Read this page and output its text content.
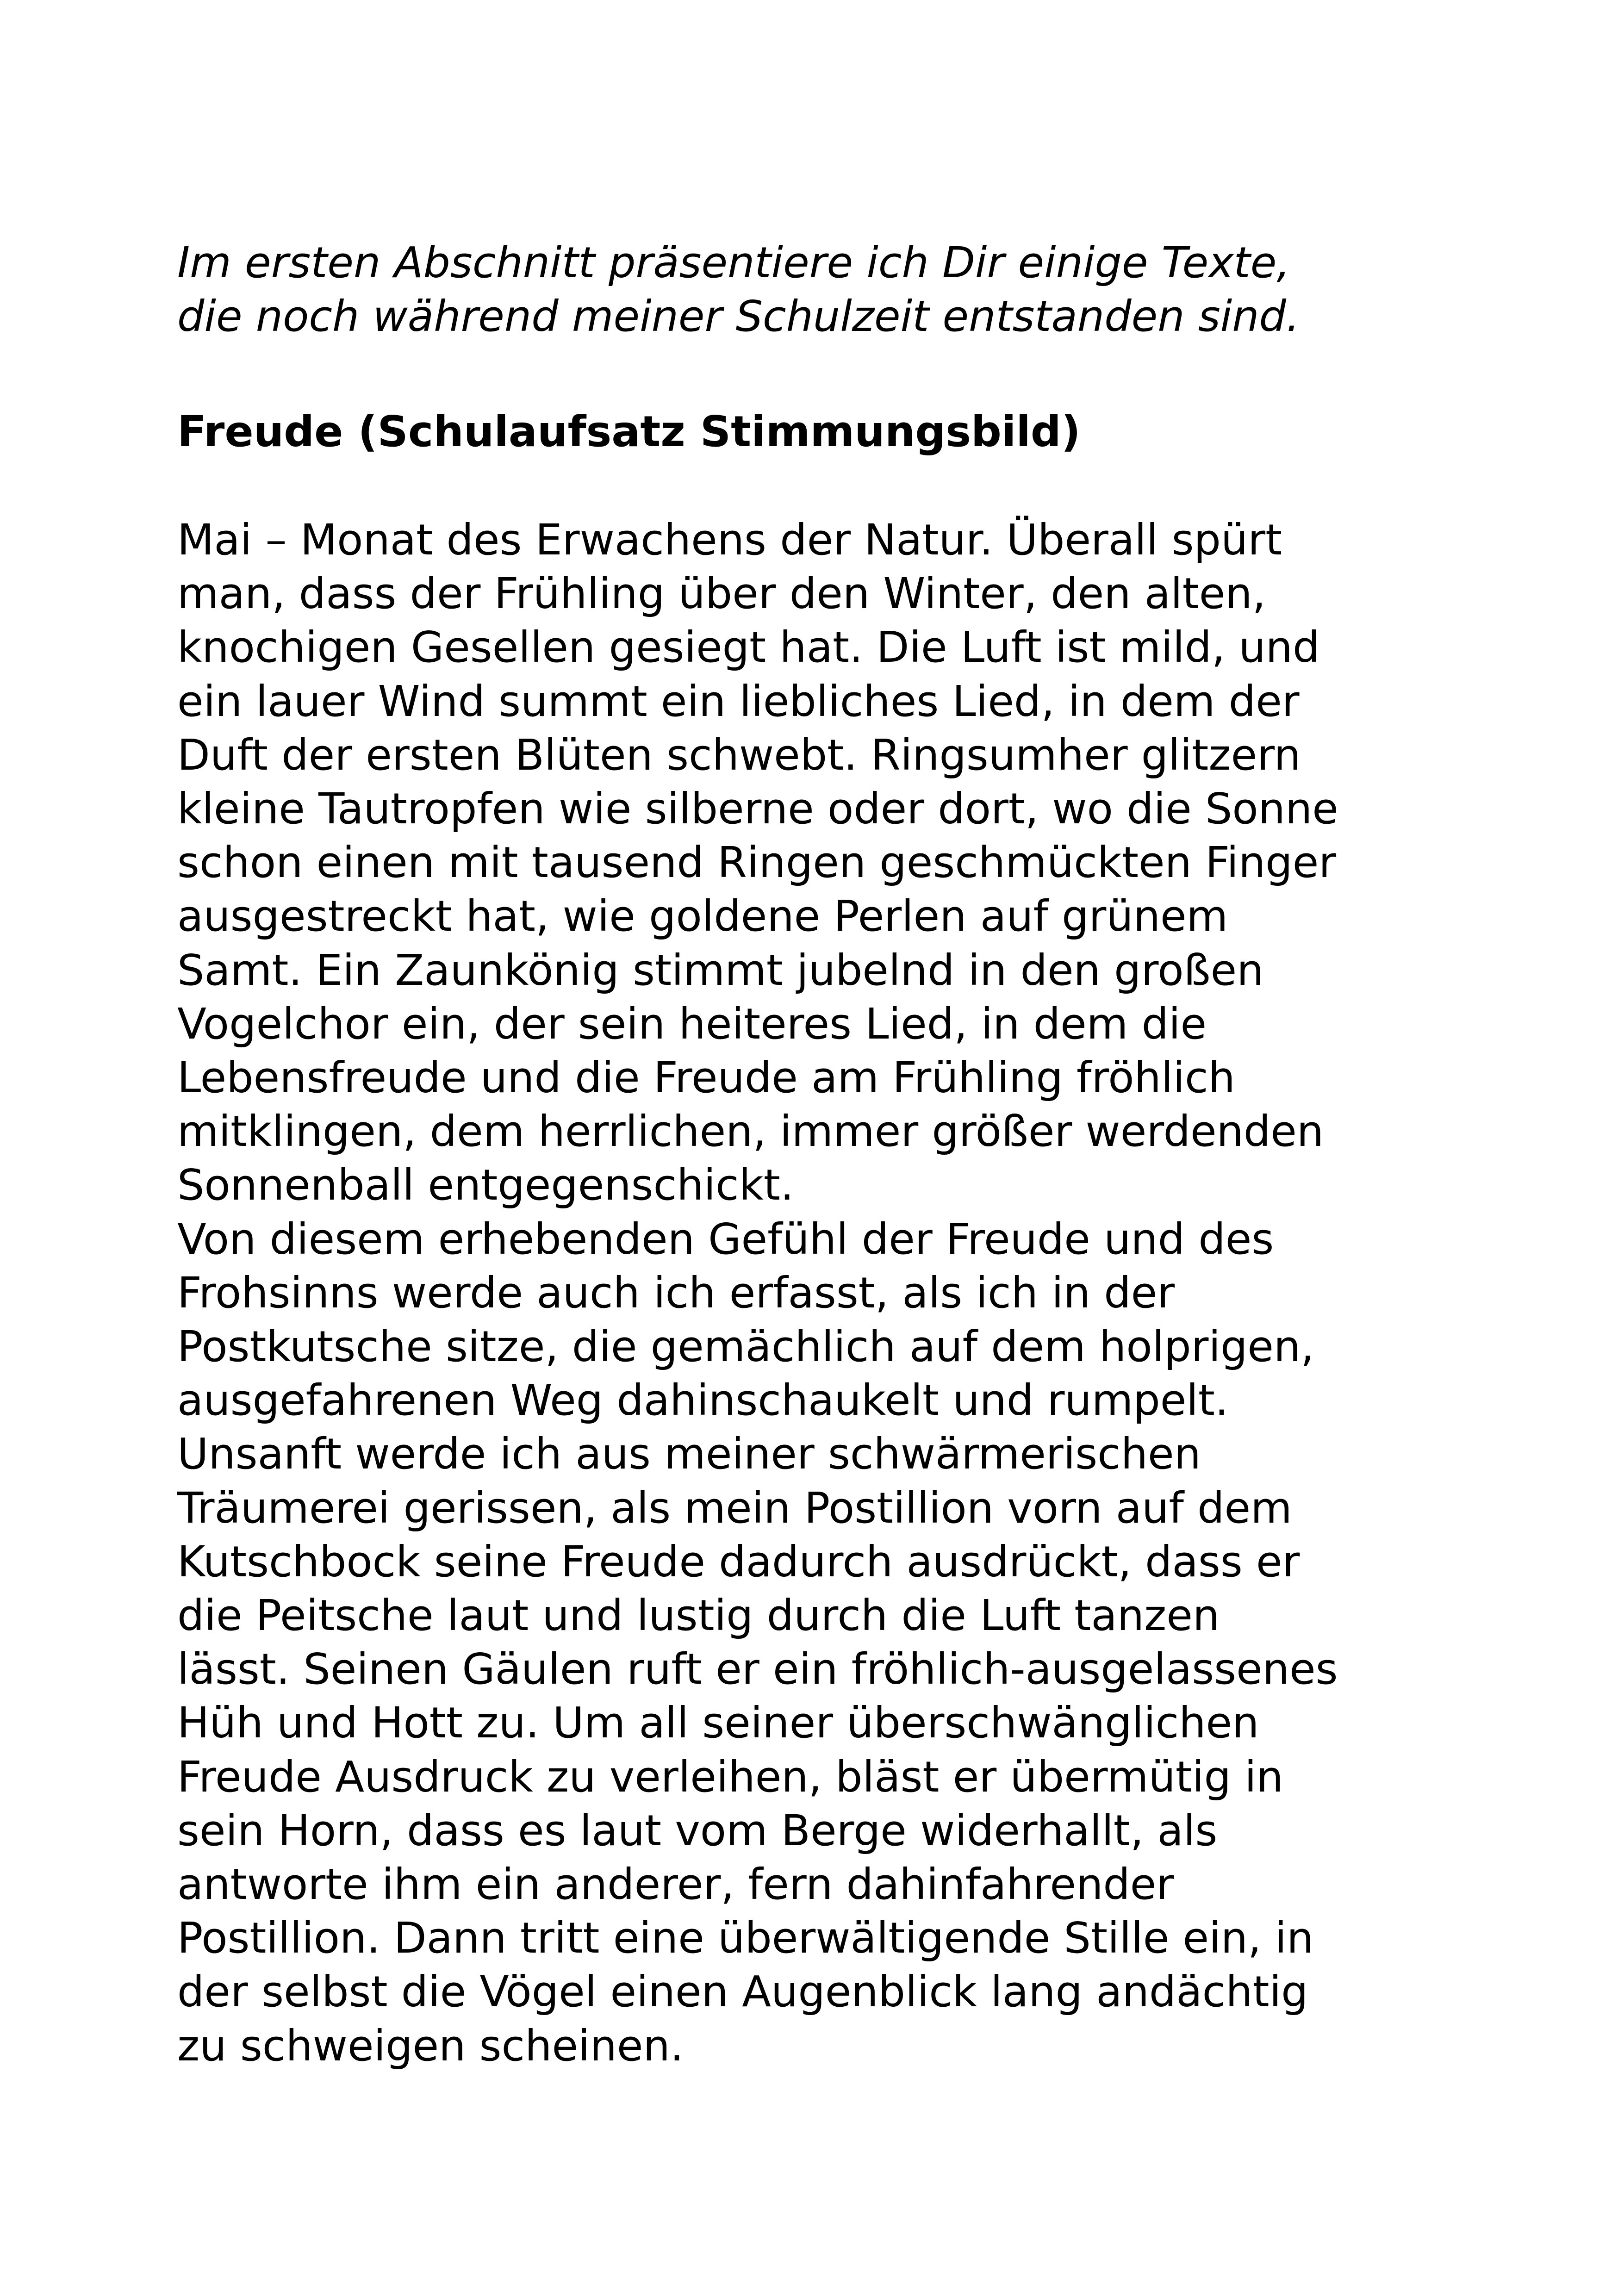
Im ersten Abschnitt präsentiere ich Dir einige Texte,
die noch während meiner Schulzeit entstanden sind.

Freude (Schulaufsatz Stimmungsbild)

Mai – Monat des Erwachens der Natur. Überall spürt
man, dass der Frühling über den Winter, den alten,
knochigen Gesellen gesiegt hat. Die Luft ist mild, und
ein lauer Wind summt ein liebliches Lied, in dem der
Duft der ersten Blüten schwebt. Ringsumher glitzern
kleine Tautropfen wie silberne oder dort, wo die Sonne
schon einen mit tausend Ringen geschmückten Finger
ausgestreckt hat, wie goldene Perlen auf grünem
Samt. Ein Zaunkönig stimmt jubelnd in den großen
Vogelchor ein, der sein heiteres Lied, in dem die
Lebensfreude und die Freude am Frühling fröhlich
mitklingen, dem herrlichen, immer größer werdenden
Sonnenball entgegenschickt.
Von diesem erhebenden Gefühl der Freude und des
Frohsinns werde auch ich erfasst, als ich in der
Postkutsche sitze, die gemächlich auf dem holprigen,
ausgefahrenen Weg dahinschaukelt und rumpelt.
Unsanft werde ich aus meiner schwärmerischen
Träumerei gerissen, als mein Postillion vorn auf dem
Kutschbock seine Freude dadurch ausdrückt, dass er
die Peitsche laut und lustig durch die Luft tanzen
lässt. Seinen Gäulen ruft er ein fröhlich-ausgelassenes
Hüh und Hott zu. Um all seiner überschwänglichen
Freude Ausdruck zu verleihen, bläst er übermütig in
sein Horn, dass es laut vom Berge widerhallt, als
antworte ihm ein anderer, fern dahinfahrender
Postillion. Dann tritt eine überwältigende Stille ein, in
der selbst die Vögel einen Augenblick lang andächtig
zu schweigen scheinen.
